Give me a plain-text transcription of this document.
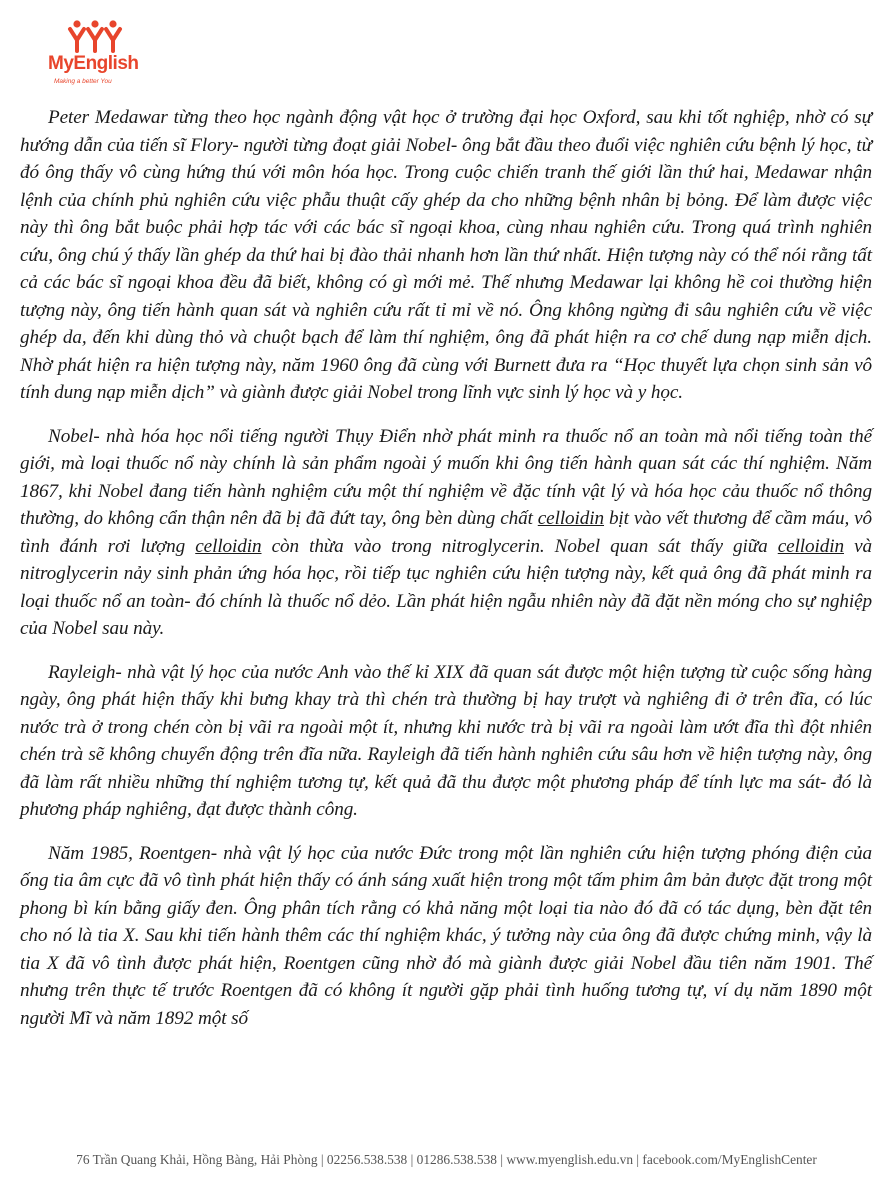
MyEnglish
Making a better You

Peter Medawar từng theo học ngành động vật học ở trường đại học Oxford, sau khi tốt nghiệp, nhờ có sự hướng dẫn của tiến sĩ Flory- người từng đoạt giải Nobel- ông bắt đầu theo đuổi việc nghiên cứu bệnh lý học, từ đó ông thấy vô cùng hứng thú với môn hóa học. Trong cuộc chiến tranh thế giới lần thứ hai, Medawar nhận lệnh của chính phủ nghiên cứu việc phẫu thuật cấy ghép da cho những bệnh nhân bị bỏng. Để làm được việc này thì ông bắt buộc phải hợp tác với các bác sĩ ngoại khoa, cùng nhau nghiên cứu. Trong quá trình nghiên cứu, ông chú ý thấy lần ghép da thứ hai bị đào thải nhanh hơn lần thứ nhất. Hiện tượng này có thể nói rằng tất cả các bác sĩ ngoại khoa đều đã biết, không có gì mới mẻ. Thế nhưng Medawar lại không hề coi thường hiện tượng này, ông tiến hành quan sát và nghiên cứu rất tỉ mỉ về nó. Ông không ngừng đi sâu nghiên cứu về việc ghép da, đến khi dùng thỏ và chuột bạch để làm thí nghiệm, ông đã phát hiện ra cơ chế dung nạp miễn dịch. Nhờ phát hiện ra hiện tượng này, năm 1960 ông đã cùng với Burnett đưa ra “Học thuyết lựa chọn sinh sản vô tính dung nạp miễn dịch” và giành được giải Nobel trong lĩnh vực sinh lý học và y học.

Nobel- nhà hóa học nổi tiếng người Thụy Điển nhờ phát minh ra thuốc nổ an toàn mà nổi tiếng toàn thế giới, mà loại thuốc nổ này chính là sản phẩm ngoài ý muốn khi ông tiến hành quan sát các thí nghiệm. Năm 1867, khi Nobel đang tiến hành nghiệm cứu một thí nghiệm về đặc tính vật lý và hóa học cảu thuốc nổ thông thường, do không cẩn thận nên đã bị đã đứt tay, ông bèn dùng chất celloidin bịt vào vết thương để cầm máu, vô tình đánh rơi lượng celloidin còn thừa vào trong nitroglycerin. Nobel quan sát thấy giữa celloidin và nitroglycerin nảy sinh phản ứng hóa học, rồi tiếp tục nghiên cứu hiện tượng này, kết quả ông đã phát minh ra loại thuốc nổ an toàn- đó chính là thuốc nổ dẻo. Lần phát hiện ngẫu nhiên này đã đặt nền móng cho sự nghiệp của Nobel sau này.

Rayleigh- nhà vật lý học của nước Anh vào thế kỉ XIX đã quan sát được một hiện tượng từ cuộc sống hàng ngày, ông phát hiện thấy khi bưng khay trà thì chén trà thường bị hay trượt và nghiêng đi ở trên đĩa, có lúc nước trà ở trong chén còn bị vãi ra ngoài một ít, nhưng khi nước trà bị vãi ra ngoài làm ướt đĩa thì đột nhiên chén trà sẽ không chuyển động trên đĩa nữa. Rayleigh đã tiến hành nghiên cứu sâu hơn về hiện tượng này, ông đã làm rất nhiều những thí nghiệm tương tự, kết quả đã thu được một phương pháp để tính lực ma sát- đó là phương pháp nghiêng, đạt được thành công.

Năm 1985, Roentgen- nhà vật lý học của nước Đức trong một lần nghiên cứu hiện tượng phóng điện của ống tia âm cực đã vô tình phát hiện thấy có ánh sáng xuất hiện trong một tấm phim âm bản được đặt trong một phong bì kín bằng giấy đen. Ông phân tích rằng có khả năng một loại tia nào đó đã có tác dụng, bèn đặt tên cho nó là tia X. Sau khi tiến hành thêm các thí nghiệm khác, ý tưởng này của ông đã được chứng minh, vậy là tia X đã vô tình được phát hiện, Roentgen cũng nhờ đó mà giành được giải Nobel đầu tiên năm 1901. Thế nhưng trên thực tế trước Roentgen đã có không ít người gặp phải tình huống tương tự, ví dụ năm 1890 một người Mĩ và năm 1892 một số

76 Trần Quang Khải, Hồng Bàng, Hải Phòng | 02256.538.538 | 01286.538.538 | www.myenglish.edu.vn | facebook.com/MyEnglishCenter
